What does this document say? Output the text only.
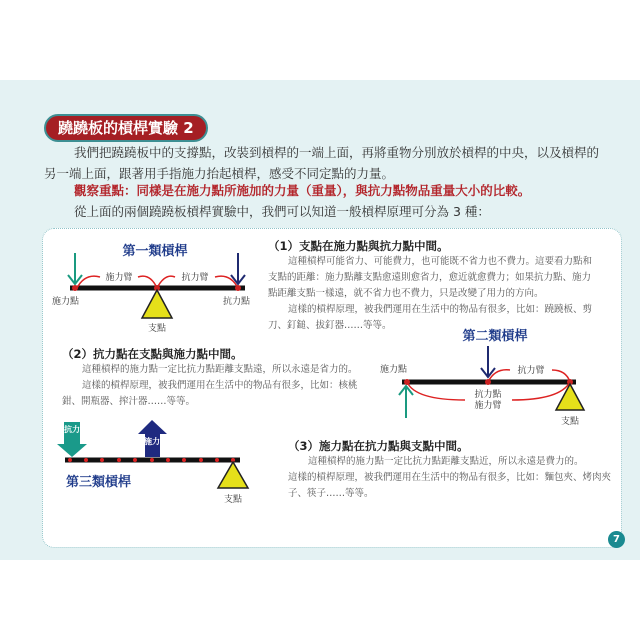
蹺蹺板的槓桿實驗 2
我們把蹺蹺板中的支撐點，改裝到槓桿的一端上面，再將重物分別放於槓桿的中央，以及槓桿的另一端上面，跟著用手指施力抬起槓桿，感受不同定點的力量。
觀察重點：同樣是在施力點所施加的力量（重量），與抗力點物品重量大小的比較。
從上面的兩個蹺蹺板槓桿實驗中，我們可以知道一般槓桿原理可分為 3 種：
（1）支點在施力點與抗力點中間。
這種槓桿可能省力、可能費力，也可能既不省力也不費力。這要看力點和支點的距離：施力點離支點愈遠則愈省力，愈近就愈費力；如果抗力點、施力點距離支點一樣遠，就不省力也不費力，只是改變了用力的方向。
這樣的槓桿原理，被我們運用在生活中的物品有很多，比如：蹺蹺板、剪刀、釘鎚、拔釘器……等等。
（2）抗力點在支點與施力點中間。
這種槓桿的施力點一定比抗力點距離支點遠，所以永遠是省力的。
這樣的槓桿原理，被我們運用在生活中的物品有很多，比如：核桃鉗、開瓶器、搾汁器……等等。
（3）施力點在抗力點與支點中間。
這種槓桿的施力點一定比抗力點距離支點近，所以永遠是費力的。
這樣的槓桿原理，被我們運用在生活中的物品有很多，比如：麵包夾、烤肉夾子、筷子……等等。
第一類槓桿
施力臂	抗力臂
施力點	抗力點
支點	第二類槓桿
抗力臂
抗力點
施力臂
施力點
支點
抗力
施力
第三類槓桿
支點
7
